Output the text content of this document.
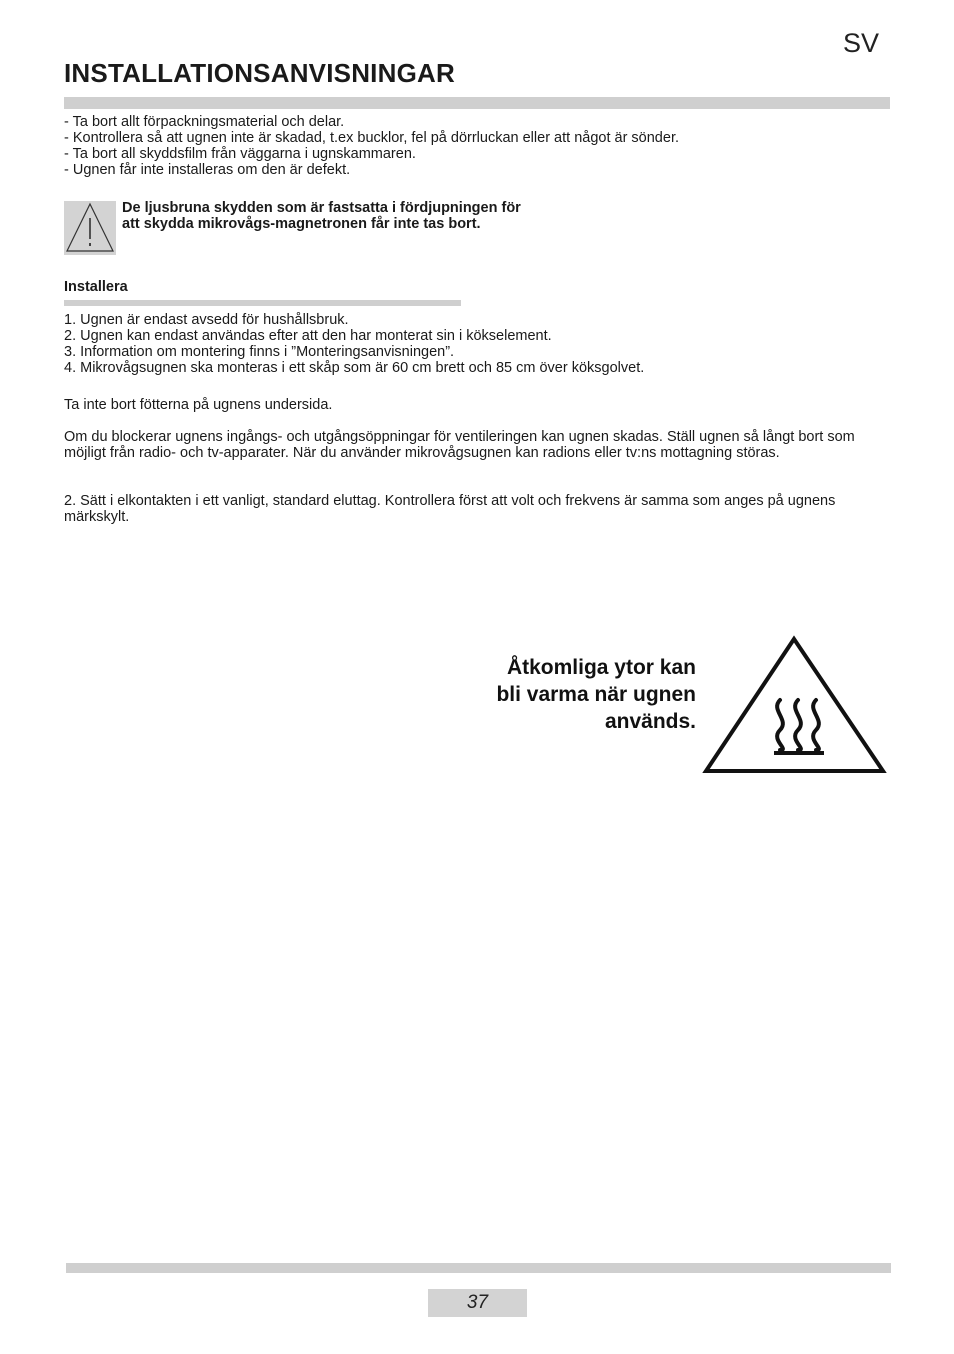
SV
INSTALLATIONSANVISNINGAR
- Ta bort allt förpackningsmaterial och delar.
- Kontrollera så att ugnen inte är skadad, t.ex bucklor, fel på dörrluckan eller att något är sönder.
- Ta bort all skyddsfilm från väggarna i ugnskammaren.
- Ugnen får inte installeras om den är defekt.
De ljusbruna skydden som är fastsatta i fördjupningen för
att skydda mikrovågs-magnetronen får inte tas bort.
Installera
1. Ugnen är endast avsedd för hushållsbruk.
2. Ugnen kan endast användas efter att den har monterat sin i kökselement.
3. Information om montering finns i ”Monteringsanvisningen”.
4. Mikrovågsugnen ska monteras i ett skåp som är 60 cm brett och 85 cm över köksgolvet.
Ta inte bort fötterna på ugnens undersida.
Om du blockerar ugnens ingångs- och utgångsöppningar för ventileringen kan ugnen skadas. Ställ ugnen så långt bort som möjligt från radio- och tv-apparater. När du använder mikrovågsugnen kan radions eller tv:ns mottagning störas.
2. Sätt i elkontakten i ett vanligt, standard eluttag. Kontrollera först att volt och frekvens är samma som anges på ugnens märkskylt.
Åtkomliga ytor kan
bli varma när ugnen
används.
37
